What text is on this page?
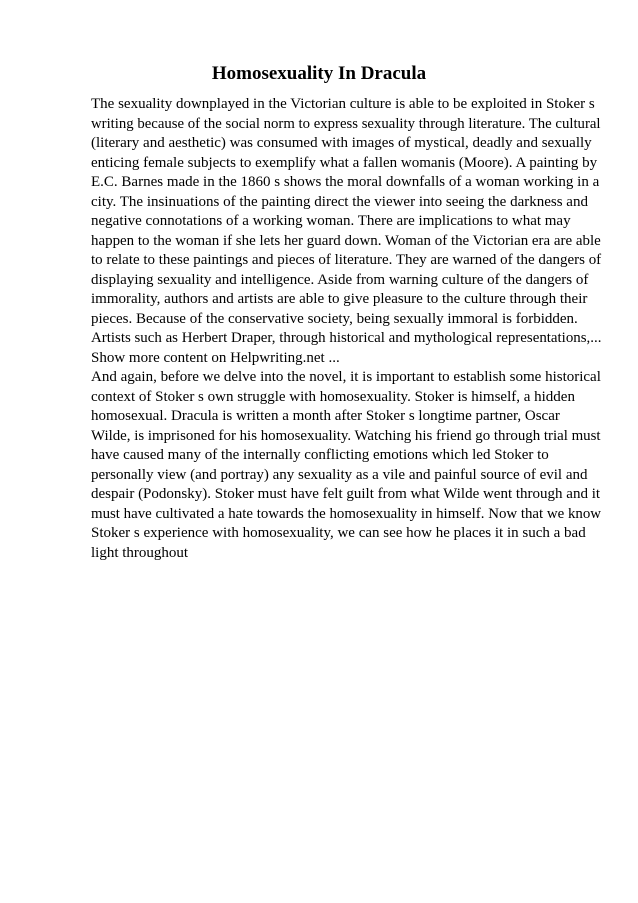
Homosexuality In Dracula
The sexuality downplayed in the Victorian culture is able to be exploited in Stoker s
writing because of the social norm to express sexuality through literature. The cultural
(literary and aesthetic) was consumed with images of mystical, deadly and sexually
enticing female subjects to exemplify what a fallen womanis (Moore). A painting by
E.C. Barnes made in the 1860 s shows the moral downfalls of a woman working in a
city. The insinuations of the painting direct the viewer into seeing the darkness and
negative connotations of a working woman. There are implications to what may
happen to the woman if she lets her guard down. Woman of the Victorian era are able
to relate to these paintings and pieces of literature. They are warned of the dangers of
displaying sexuality and intelligence. Aside from warning culture of the dangers of
immorality, authors and artists are able to give pleasure to the culture through their
pieces. Because of the conservative society, being sexually immoral is forbidden.
Artists such as Herbert Draper, through historical and mythological representations,...
Show more content on Helpwriting.net ...
And again, before we delve into the novel, it is important to establish some historical
context of Stoker s own struggle with homosexuality. Stoker is himself, a hidden
homosexual. Dracula is written a month after Stoker s longtime partner, Oscar
Wilde, is imprisoned for his homosexuality. Watching his friend go through trial must
have caused many of the internally conflicting emotions which led Stoker to
personally view (and portray) any sexuality as a vile and painful source of evil and
despair (Podonsky). Stoker must have felt guilt from what Wilde went through and it
must have cultivated a hate towards the homosexuality in himself. Now that we know
Stoker s experience with homosexuality, we can see how he places it in such a bad
light throughout
